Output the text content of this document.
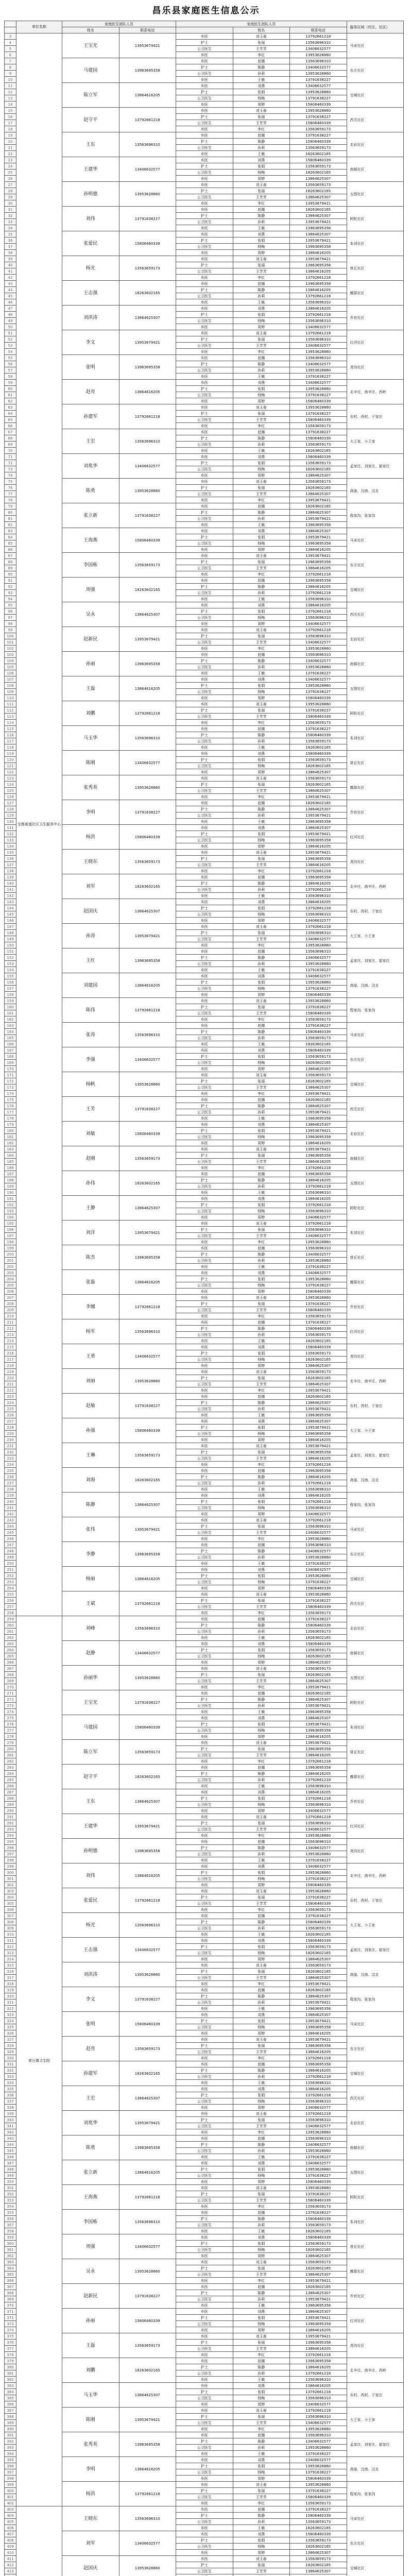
昌乐县家庭医生信息公示
	单位名称	家庭医生团队人员		家庭医生团队人员			服务区域（村庄、社区）
		姓名	联系电话		姓名	联系电话	
3	宝都街道社区卫生服务中心	王宝光	13953679421	乡医	刘玉春	13792661218	马宋社区
4				护士	张丽	13563696310	
5				公卫医生	王芳芳	13406632577	
6				乡医	李红	13953628860	
7		马建国	13963695358	乡医	赵娜	13563696310	东方社区
8				护士	陈静	13406632577	
9				公卫医生	孙莉	13953628860	
10				乡医	王敏	13791638227	
11		陈立军	13864616205	乡医	刘燕	13406632577	宝城社区
12				护士	张娟	13953628860	
13				公卫医生	杨梅	13791638227	
14				乡医	周婷	15806460339	
15		赵守平	13792661218	乡医	刘玉春	13953628860	西关社区
16				护士	张丽	13791638227	
17				公卫医生	王芳芳	15806460339	
18				乡医	李红	13563659173	
19		王东	13563696310	乡医	赵娜	13791638227	北岩社区
20				护士	陈静	15806460339	
21				公卫医生	孙莉	13563659173	
22				乡医	王敏	18263602165	
23		王建华	13406632577	乡医	刘燕	15806460339	南郝社区
24				护士	张娟	13563659173	
25				公卫医生	杨梅	18263602165	
26				乡医	周婷	13864625307	
27		孙明德	13953628860	乡医	刘玉春	13563659173	五图社区
28				护士	张丽	18263602165	
29				公卫医生	王芳芳	13864625307	
30				乡医	李红	13953679421	
31		刘伟	13791638227	乡医	赵娜	18263602165	阿陀社区
32				护士	陈静	13864625307	
33				公卫医生	孙莉	13953679421	
34				乡医	王敏	13963695358	
35		张爱民	15806460339	乡医	刘燕	13864625307	朱刘社区
36				护士	张娟	13953679421	
37				公卫医生	杨梅	13963695358	
38				乡医	周婷	13864616205	
39		杨光	13563659173	乡医	刘玉春	13953679421	营丘社区
40				护士	张丽	13963695358	
41				公卫医生	王芳芳	13864616205	
42				乡医	李红	13792661218	
43		王志强	18263602165	乡医	赵娜	13963695358	鄌郚社区
44				护士	陈静	13864616205	
45				公卫医生	孙莉	13792661218	
46				乡医	王敏	13563696310	
47		刘洪涛	13864625307	乡医	刘燕	13864616205	乔官社区
48				护士	张娟	13792661218	
49				公卫医生	杨梅	13563696310	
50				乡医	周婷	13406632577	
51		李文	13953679421	乡医	刘玉春	13792661218	红河社区
52				护士	张丽	13563696310	
53				公卫医生	王芳芳	13406632577	
54				乡医	李红	13953628860	
55		张明	13963695358	乡医	赵娜	13563696310	尧沟社区
56				护士	陈静	13406632577	
57				公卫医生	孙莉	13953628860	
58				乡医	王敏	13791638227	
59		赵亮	13864616205	乡医	刘燕	13406632577	北辛庄、南辛庄、西岭
60				护士	张娟	13953628860	
61				公卫医生	杨梅	13791638227	
62				乡医	周婷	15806460339	
63		孙建军	13792661218	乡医	刘玉春	13953628860	东村、西村、于家庄
64				护士	张丽	13791638227	
65				公卫医生	王芳芳	15806460339	
66				乡医	李红	13563659173	
67		王宏	13563696310	乡医	赵娜	13791638227	大王家、小王家
68				护士	陈静	15806460339	
69				公卫医生	孙莉	13563659173	
70				乡医	王敏	18263602165	
71		刘兆华	13406632577	乡医	刘燕	15806460339	孟家庄、刘家庄、崔家庄
72				护士	张娟	13563659173	
73				公卫医生	杨梅	18263602165	
74				乡医	周婷	13864625307	
75		陈勇	13953628860	乡医	刘玉春	13563659173	高崖、汶南、汶北
76				护士	张丽	18263602165	
77				公卫医生	王芳芳	13864625307	
78				乡医	李红	13953679421	
79		张立新	13791638227	乡医	赵娜	18263602165	程家沟、张家沟
80				护士	陈静	13864625307	
81				公卫医生	孙莉	13953679421	
82				乡医	王敏	13963695358	
83		王海燕	15806460339	乡医	刘燕	13864625307	马宋社区
84				护士	张娟	13953679421	
85				公卫医生	杨梅	13963695358	
86				乡医	周婷	13864616205	
87		李国栋	13563659173	乡医	刘玉春	13953679421	东方社区
88				护士	张丽	13963695358	
89				公卫医生	王芳芳	13864616205	
90				乡医	李红	13792661218	
91		周强	18263602165	乡医	赵娜	13963695358	宝城社区
92				护士	陈静	13864616205	
93				公卫医生	孙莉	13792661218	
94				乡医	王敏	13563696310	
95		吴永	13864625307	乡医	刘燕	13864616205	西关社区
96				护士	张娟	13792661218	
97				公卫医生	杨梅	13563696310	
98				乡医	周婷	13406632577	
99		赵新民	13953679421	乡医	刘玉春	13792661218	北岩社区
100				护士	张丽	13563696310	
101				公卫医生	王芳芳	13406632577	
102				乡医	李红	13953628860	
103		孙丽	13963695358	乡医	赵娜	13563696310	南郝社区
104				护士	陈静	13406632577	
105				公卫医生	孙莉	13953628860	
106				乡医	王敏	13791638227	
107		王磊	13864616205	乡医	刘燕	13406632577	五图社区
108				护士	张娟	13953628860	
109				公卫医生	杨梅	13791638227	
110				乡医	周婷	15806460339	
111		刘鹏	13792661218	乡医	刘玉春	13953628860	阿陀社区
112				护士	张丽	13791638227	
113				公卫医生	王芳芳	15806460339	
114				乡医	李红	13563659173	
115		马玉华	13563696310	乡医	赵娜	13791638227	朱刘社区
116				护士	陈静	15806460339	
117				公卫医生	孙莉	13563659173	
118				乡医	王敏	18263602165	
119		陈刚	13406632577	乡医	刘燕	15806460339	营丘社区
120				护士	张娟	13563659173	
121				公卫医生	杨梅	18263602165	
122				乡医	周婷	13864625307	
123		张秀英	13953628860	乡医	刘玉春	13563659173	鄌郚社区
124				护士	张丽	18263602165	
125				公卫医生	王芳芳	13864625307	
126				乡医	李红	13953679421	
127		李明	13791638227	乡医	赵娜	18263602165	乔官社区
128				护士	陈静	13864625307	
129				公卫医生	孙莉	13953679421	
130				乡医	王敏	13963695358	
131		杨洪	15806460339	乡医	刘燕	13864625307	红河社区
132				护士	张娟	13953679421	
133				公卫医生	杨梅	13963695358	
134				乡医	周婷	13864616205	
135		王晓东	13563659173	乡医	刘玉春	13953679421	尧沟社区
136				护士	张丽	13963695358	
137				公卫医生	王芳芳	13864616205	
138				乡医	李红	13792661218	
139		刘军	18263602165	乡医	赵娜	13963695358	北辛庄、南辛庄、西岭
140				护士	陈静	13864616205	
141				公卫医生	孙莉	13792661218	
142				乡医	王敏	13563696310	
143		赵国庆	13864625307	乡医	刘燕	13864616205	东村、西村、于家庄
144				护士	张娟	13792661218	
145				公卫医生	杨梅	13563696310	
146				乡医	周婷	13406632577	
147		孙涛	13953679421	乡医	刘玉春	13792661218	大王家、小王家
148				护士	张丽	13563696310	
149				公卫医生	王芳芳	13406632577	
150				乡医	李红	13953628860	
151		王红	13963695358	乡医	赵娜	13563696310	孟家庄、刘家庄、崔家庄
152				护士	陈静	13406632577	
153				公卫医生	孙莉	13953628860	
154				乡医	王敏	13791638227	
155		刘建国	13864616205	乡医	刘燕	13406632577	高崖、汶南、汶北
156				护士	张娟	13953628860	
157				公卫医生	杨梅	13791638227	
158				乡医	周婷	15806460339	
159		陈伟	13792661218	乡医	刘玉春	13953628860	程家沟、张家沟
160				护士	张丽	13791638227	
161				公卫医生	王芳芳	15806460339	
162				乡医	李红	13563659173	
163		张涛	13563696310	乡医	赵娜	13791638227	马宋社区
164				护士	陈静	15806460339	
165				公卫医生	孙莉	13563659173	
166				乡医	王敏	18263602165	
167		李强	13406632577	乡医	刘燕	15806460339	东方社区
168				护士	张娟	13563659173	
169				公卫医生	杨梅	18263602165	
170				乡医	周婷	13864625307	
171		杨帆	13953628860	乡医	刘玉春	13563659173	宝城社区
172				护士	张丽	18263602165	
173				公卫医生	王芳芳	13864625307	
174				乡医	李红	13953679421	
175		王芳	13791638227	乡医	赵娜	18263602165	西关社区
176				护士	陈静	13864625307	
177				公卫医生	孙莉	13953679421	
178				乡医	王敏	13963695358	
179		刘敏	15806460339	乡医	刘燕	13864625307	北岩社区
180				护士	张娟	13953679421	
181				公卫医生	杨梅	13963695358	
182				乡医	周婷	13864616205	
183		赵刚	13563659173	乡医	刘玉春	13953679421	南郝社区
184				护士	张丽	13963695358	
185				公卫医生	王芳芳	13864616205	
186				乡医	李红	13792661218	
187		孙伟	18263602165	乡医	赵娜	13963695358	五图社区
188				护士	陈静	13864616205	
189				公卫医生	孙莉	13792661218	
190				乡医	王敏	13563696310	
191		王静	13864625307	乡医	刘燕	13864616205	阿陀社区
192				护士	张娟	13792661218	
193				公卫医生	杨梅	13563696310	
194				乡医	周婷	13406632577	
195		刘洋	13953679421	乡医	刘玉春	13792661218	朱刘社区
196				护士	张丽	13563696310	
197				公卫医生	王芳芳	13406632577	
198				乡医	李红	13953628860	
199		陈杰	13963695358	乡医	赵娜	13563696310	营丘社区
200				护士	陈静	13406632577	
201				公卫医生	孙莉	13953628860	
202				乡医	王敏	13791638227	
203		张磊	13864616205	乡医	刘燕	13406632577	鄌郚社区
204				护士	张娟	13953628860	
205				公卫医生	杨梅	13791638227	
206				乡医	周婷	15806460339	
207		李娜	13792661218	乡医	刘玉春	13953628860	乔官社区
208				护士	张丽	13791638227	
209				公卫医生	王芳芳	15806460339	
210				乡医	李红	13563659173	
211		杨军	13563696310	乡医	赵娜	13791638227	红河社区
212				护士	陈静	15806460339	
213				公卫医生	孙莉	13563659173	
214				乡医	王敏	18263602165	
215		王勇	13406632577	乡医	刘燕	15806460339	尧沟社区
216				护士	张娟	13563659173	
217				公卫医生	杨梅	18263602165	
218				乡医	周婷	13864625307	
219		刘丽	13953628860	乡医	刘玉春	13563659173	北辛庄、南辛庄、西岭
220				护士	张丽	18263602165	
221				公卫医生	王芳芳	13864625307	
222				乡医	李红	13953679421	
223		赵敏	13791638227	乡医	赵娜	18263602165	东村、西村、于家庄
224				护士	陈静	13864625307	
225				公卫医生	孙莉	13953679421	
226				乡医	王敏	13963695358	
227		孙强	15806460339	乡医	刘燕	13864625307	大王家、小王家
228				护士	张娟	13953679421	
229				公卫医生	杨梅	13963695358	
230				乡医	周婷	13864616205	
231		王琳	13563659173	乡医	刘玉春	13953679421	孟家庄、刘家庄、崔家庄
232				护士	张丽	13963695358	
233				公卫医生	王芳芳	13864616205	
234				乡医	李红	13792661218	
235		刘海	18263602165	乡医	赵娜	13963695358	高崖、汶南、汶北
236				护士	陈静	13864616205	
237				公卫医生	孙莉	13792661218	
238				乡医	王敏	13563696310	
239		陈静	13864625307	乡医	刘燕	13864616205	程家沟、张家沟
240				护士	张娟	13792661218	
241				公卫医生	杨梅	13563696310	
242				乡医	周婷	13406632577	
243		张伟	13953679421	乡医	刘玉春	13792661218	马宋社区
244				护士	张丽	13563696310	
245				公卫医生	王芳芳	13406632577	
246				乡医	李红	13953628860	
247		李静	13963695358	乡医	赵娜	13563696310	东方社区
248				护士	陈静	13406632577	
249				公卫医生	孙莉	13953628860	
250				乡医	王敏	13791638227	
251		杨丽	13864616205	乡医	刘燕	13406632577	宝城社区
252				护士	张娟	13953628860	
253				公卫医生	杨梅	13791638227	
254				乡医	周婷	15806460339	
255		王斌	13792661218	乡医	刘玉春	13953628860	西关社区
256				护士	张丽	13791638227	
257				公卫医生	王芳芳	15806460339	
258				乡医	李红	13563659173	
259	营丘镇卫生院	刘峰	13563696310	乡医	赵娜	13791638227	北岩社区
260				护士	陈静	15806460339	
261				公卫医生	孙莉	13563659173	
262				乡医	王敏	18263602165	
263		赵静	13406632577	乡医	刘燕	15806460339	南郝社区
264				护士	张娟	13563659173	
265				公卫医生	杨梅	18263602165	
266				乡医	周婷	13864625307	
267		孙丽华	13953628860	乡医	刘玉春	13563659173	五图社区
268				护士	张丽	18263602165	
269				公卫医生	王芳芳	13864625307	
270				乡医	李红	13953679421	
271		王宝光	13791638227	乡医	赵娜	18263602165	阿陀社区
272				护士	陈静	13864625307	
273				公卫医生	孙莉	13953679421	
274				乡医	王敏	13963695358	
275		马建国	15806460339	乡医	刘燕	13864625307	朱刘社区
276				护士	张娟	13953679421	
277				公卫医生	杨梅	13963695358	
278				乡医	周婷	13864616205	
279		陈立军	13563659173	乡医	刘玉春	13953679421	营丘社区
280				护士	张丽	13963695358	
281				公卫医生	王芳芳	13864616205	
282				乡医	李红	13792661218	
283		赵守平	18263602165	乡医	赵娜	13963695358	鄌郚社区
284				护士	陈静	13864616205	
285				公卫医生	孙莉	13792661218	
286				乡医	王敏	13563696310	
287		王东	13864625307	乡医	刘燕	13864616205	乔官社区
288				护士	张娟	13792661218	
289				公卫医生	杨梅	13563696310	
290				乡医	周婷	13406632577	
291		王建华	13953679421	乡医	刘玉春	13792661218	红河社区
292				护士	张丽	13563696310	
293				公卫医生	王芳芳	13406632577	
294				乡医	李红	13953628860	
295		孙明德	13963695358	乡医	赵娜	13563696310	尧沟社区
296				护士	陈静	13406632577	
297				公卫医生	孙莉	13953628860	
298				乡医	王敏	13791638227	
299		刘伟	13864616205	乡医	刘燕	13406632577	北辛庄、南辛庄、西岭
300				护士	张娟	13953628860	
301				公卫医生	杨梅	13791638227	
302				乡医	周婷	15806460339	
303		张爱民	13792661218	乡医	刘玉春	13953628860	东村、西村、于家庄
304				护士	张丽	13791638227	
305				公卫医生	王芳芳	15806460339	
306				乡医	李红	13563659173	
307		杨光	13563696310	乡医	赵娜	13791638227	大王家、小王家
308				护士	陈静	15806460339	
309				公卫医生	孙莉	13563659173	
310				乡医	王敏	18263602165	
311		王志强	13406632577	乡医	刘燕	15806460339	孟家庄、刘家庄、崔家庄
312				护士	张娟	13563659173	
313				公卫医生	杨梅	18263602165	
314				乡医	周婷	13864625307	
315		刘洪涛	13953628860	乡医	刘玉春	13563659173	高崖、汶南、汶北
316				护士	张丽	18263602165	
317				公卫医生	王芳芳	13864625307	
318				乡医	李红	13953679421	
319		李文	13791638227	乡医	赵娜	18263602165	程家沟、张家沟
320				护士	陈静	13864625307	
321				公卫医生	孙莉	13953679421	
322				乡医	王敏	13963695358	
323		张明	15806460339	乡医	刘燕	13864625307	马宋社区
324				护士	张娟	13953679421	
325				公卫医生	杨梅	13963695358	
326				乡医	周婷	13864616205	
327		赵亮	13563659173	乡医	刘玉春	13953679421	东方社区
328				护士	张丽	13963695358	
329				公卫医生	王芳芳	13864616205	
330				乡医	李红	13792661218	
331		孙建军	18263602165	乡医	赵娜	13963695358	宝城社区
332				护士	陈静	13864616205	
333				公卫医生	孙莉	13792661218	
334				乡医	王敏	13563696310	
335		王宏	13864625307	乡医	刘燕	13864616205	西关社区
336				护士	张娟	13792661218	
337				公卫医生	杨梅	13563696310	
338				乡医	周婷	13406632577	
339		刘兆华	13953679421	乡医	刘玉春	13792661218	北岩社区
340				护士	张丽	13563696310	
341				公卫医生	王芳芳	13406632577	
342				乡医	李红	13953628860	
343		陈勇	13963695358	乡医	赵娜	13563696310	南郝社区
344				护士	陈静	13406632577	
345				公卫医生	孙莉	13953628860	
346				乡医	王敏	13791638227	
347		张立新	13864616205	乡医	刘燕	13406632577	五图社区
348				护士	张娟	13953628860	
349				公卫医生	杨梅	13791638227	
350				乡医	周婷	15806460339	
351		王海燕	13792661218	乡医	刘玉春	13953628860	阿陀社区
352				护士	张丽	13791638227	
353				公卫医生	王芳芳	15806460339	
354				乡医	李红	13563659173	
355		李国栋	13563696310	乡医	赵娜	13791638227	朱刘社区
356				护士	陈静	15806460339	
357				公卫医生	孙莉	13563659173	
358				乡医	王敏	18263602165	
359		周强	13406632577	乡医	刘燕	15806460339	营丘社区
360				护士	张娟	13563659173	
361				公卫医生	杨梅	18263602165	
362				乡医	周婷	13864625307	
363		吴永	13953628860	乡医	刘玉春	13563659173	鄌郚社区
364				护士	张丽	18263602165	
365				公卫医生	王芳芳	13864625307	
366				乡医	李红	13953679421	
367		赵新民	13791638227	乡医	赵娜	18263602165	乔官社区
368				护士	陈静	13864625307	
369				公卫医生	孙莉	13953679421	
370				乡医	王敏	13963695358	
371		孙丽	15806460339	乡医	刘燕	13864625307	红河社区
372				护士	张娟	13953679421	
373				公卫医生	杨梅	13963695358	
374				乡医	周婷	13864616205	
375		王磊	13563659173	乡医	刘玉春	13953679421	尧沟社区
376				护士	张丽	13963695358	
377				公卫医生	王芳芳	13864616205	
378				乡医	李红	13792661218	
379		刘鹏	18263602165	乡医	赵娜	13963695358	北辛庄、南辛庄、西岭
380				护士	陈静	13864616205	
381				公卫医生	孙莉	13792661218	
382				乡医	王敏	13563696310	
383		马玉华	13864625307	乡医	刘燕	13864616205	东村、西村、于家庄
384				护士	张娟	13792661218	
385				公卫医生	杨梅	13563696310	
386				乡医	周婷	13406632577	
387		陈刚	13953679421	乡医	刘玉春	13792661218	大王家、小王家
388				护士	张丽	13563696310	
389				公卫医生	王芳芳	13406632577	
390				乡医	李红	13953628860	
391		张秀英	13963695358	乡医	赵娜	13563696310	孟家庄、刘家庄、崔家庄
392				护士	陈静	13406632577	
393				公卫医生	孙莉	13953628860	
394				乡医	王敏	13791638227	
395		李明	13864616205	乡医	刘燕	13406632577	高崖、汶南、汶北
396				护士	张娟	13953628860	
397				公卫医生	杨梅	13791638227	
398				乡医	周婷	15806460339	
399		杨洪	13792661218	乡医	刘玉春	13953628860	程家沟、张家沟
400				护士	张丽	13791638227	
401				公卫医生	王芳芳	15806460339	
402				乡医	李红	13563659173	
403		王晓东	13563696310	乡医	赵娜	13791638227	马宋社区
404				护士	陈静	15806460339	
405				公卫医生	孙莉	13563659173	
406				乡医	王敏	18263602165	
407		刘军	13406632577	乡医	刘燕	15806460339	东方社区
408				护士	张娟	13563659173	
409				公卫医生	杨梅	18263602165	
410				乡医	周婷	13864625307	
411		赵国庆	13953628860	乡医	刘玉春	13563659173	宝城社区
412				护士	张丽	18263602165	
413				公卫医生	王芳芳	13864625307	
